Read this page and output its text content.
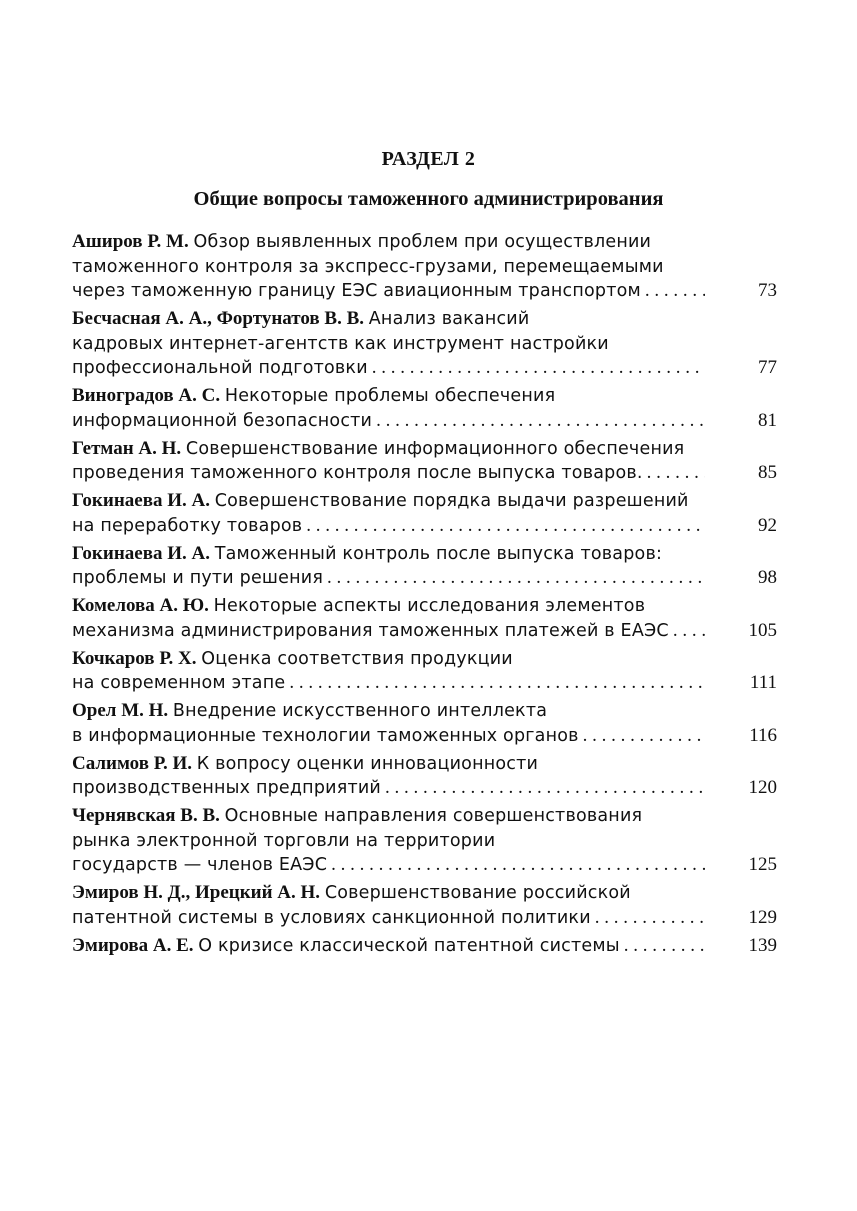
РАЗДЕЛ 2
Общие вопросы таможенного администрирования
Аширов Р. М. Обзор выявленных проблем при осуществлении
таможенного контроля за экспресс-грузами, перемещаемыми
через таможенную границу ЕЭС авиационным транспортом . . .	73
Бесчасная А. А., Фортунатов В. В. Анализ вакансий
кадровых интернет-агентств как инструмент настройки
профессиональной подготовки . . .	77
Виноградов А. С. Некоторые проблемы обеспечения
информационной безопасности . . .	81
Гетман А. Н. Совершенствование информационного обеспечения
проведения таможенного контроля после выпуска товаров. . . .	85
Гокинаева И. А. Совершенствование порядка выдачи разрешений
на переработку товаров . . .	92
Гокинаева И. А. Таможенный контроль после выпуска товаров:
проблемы и пути решения . . .	98
Комелова А. Ю. Некоторые аспекты исследования элементов
механизма администрирования таможенных платежей в ЕАЭС . . .	105
Кочкаров Р. Х. Оценка соответствия продукции
на современном этапе . . .	111
Орел М. Н. Внедрение искусственного интеллекта
в информационные технологии таможенных органов . . .	116
Салимов Р. И. К вопросу оценки инновационности
производственных предприятий . . .	120
Чернявская В. В. Основные направления совершенствования
рынка электронной торговли на территории
государств — членов ЕАЭС . . .	125
Эмиров Н. Д., Ирецкий А. Н. Совершенствование российской
патентной системы в условиях санкционной политики . . .	129
Эмирова А. Е. О кризисе классической патентной системы . . .	139
